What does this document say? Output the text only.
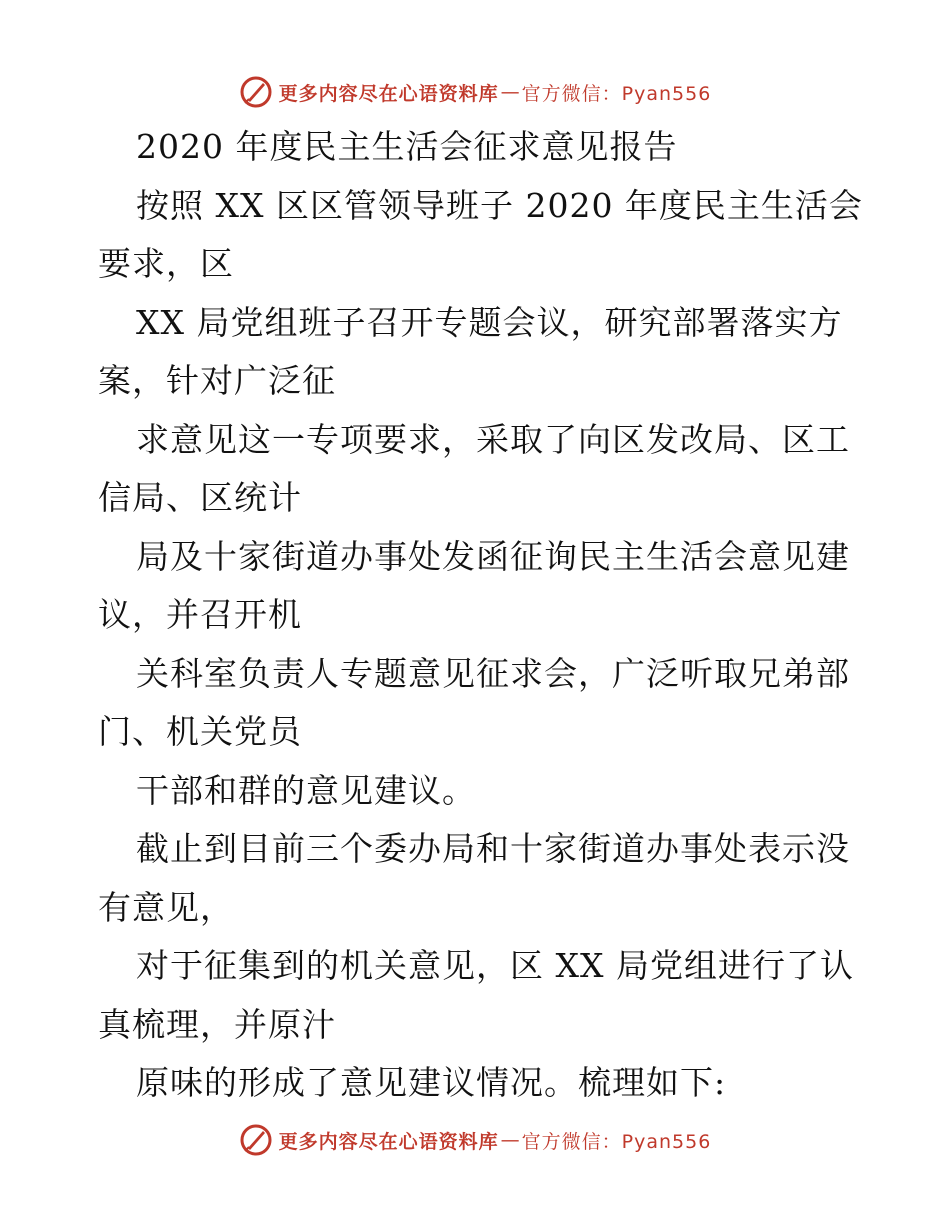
更多内容尽在心语资料库 — 官方微信：Pyan556
2020 年度民主生活会征求意见报告
按照 XX 区区管领导班子 2020 年度民主生活会
要求，区
XX 局党组班子召开专题会议，研究部署落实方
案，针对广泛征
求意见这一专项要求，采取了向区发改局、区工
信局、区统计
局及十家街道办事处发函征询民主生活会意见建
议，并召开机
关科室负责人专题意见征求会，广泛听取兄弟部
门、机关党员
干部和群的意见建议。
截止到目前三个委办局和十家街道办事处表示没
有意见，
对于征集到的机关意见，区 XX 局党组进行了认
真梳理，并原汁
原味的形成了意见建议情况。梳理如下:
更多内容尽在心语资料库 — 官方微信：Pyan556
